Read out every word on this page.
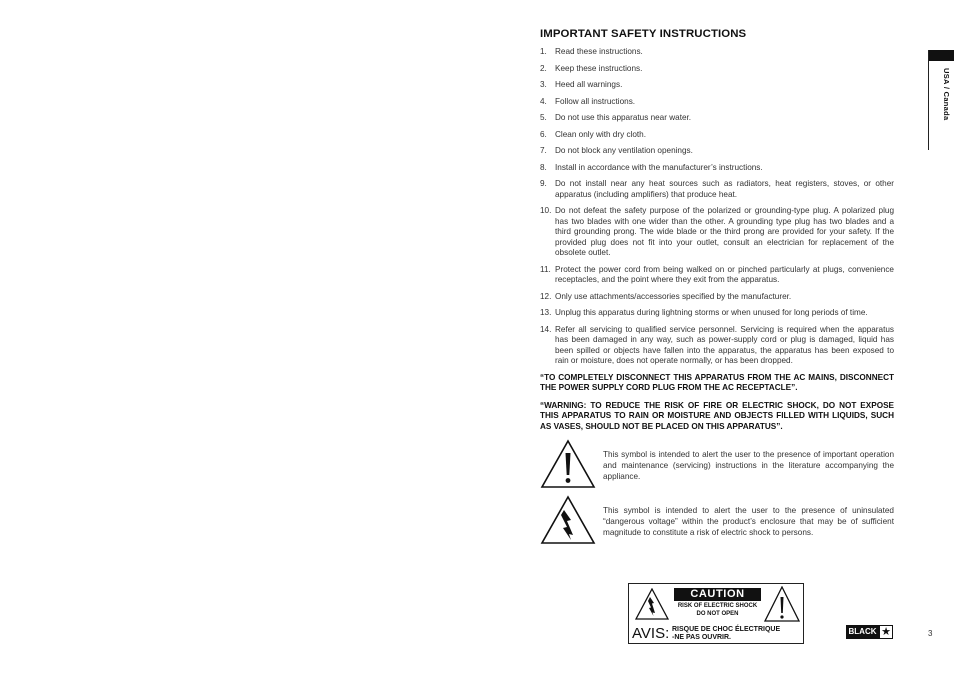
IMPORTANT SAFETY INSTRUCTIONS
1. Read these instructions.
2. Keep these instructions.
3. Heed all warnings.
4. Follow all instructions.
5. Do not use this apparatus near water.
6. Clean only with dry cloth.
7. Do not block any ventilation openings.
8. Install in accordance with the manufacturer’s instructions.
9. Do not install near any heat sources such as radiators, heat registers, stoves, or other apparatus (including amplifiers) that produce heat.
10. Do not defeat the safety purpose of the polarized or grounding-type plug. A polarized plug has two blades with one wider than the other. A grounding type plug has two blades and a third grounding prong. The wide blade or the third prong are provided for your safety. If the provided plug does not fit into your outlet, consult an electrician for replacement of the obsolete outlet.
11. Protect the power cord from being walked on or pinched particularly at plugs, convenience receptacles, and the point where they exit from the apparatus.
12. Only use attachments/accessories specified by the manufacturer.
13. Unplug this apparatus during lightning storms or when unused for long periods of time.
14. Refer all servicing to qualified service personnel. Servicing is required when the apparatus has been damaged in any way, such as power-supply cord or plug is damaged, liquid has been spilled or objects have fallen into the apparatus, the apparatus has been exposed to rain or moisture, does not operate normally, or has been dropped.

“TO COMPLETELY DISCONNECT THIS APPARATUS FROM THE AC MAINS, DISCONNECT THE POWER SUPPLY CORD PLUG FROM THE AC RECEPTACLE”.

“WARNING: TO REDUCE THE RISK OF FIRE OR ELECTRIC SHOCK, DO NOT EXPOSE THIS APPARATUS TO RAIN OR MOISTURE AND OBJECTS FILLED WITH LIQUIDS, SUCH AS VASES, SHOULD NOT BE PLACED ON THIS APPARATUS”.

This symbol is intended to alert the user to the presence of important operation and maintenance (servicing) instructions in the literature accompanying the appliance.
This symbol is intended to alert the user to the presence of uninsulated “dangerous voltage” within the product’s enclosure that may be of sufficient magnitude to constitute a risk of electric shock to persons.
CAUTION
RISK OF ELECTRIC SHOCK
DO NOT OPEN
AVIS: RISQUE DE CHOC ÉLECTRIQUE
-NE PAS OUVRIR.
USA / Canada
BLACK ★	3
